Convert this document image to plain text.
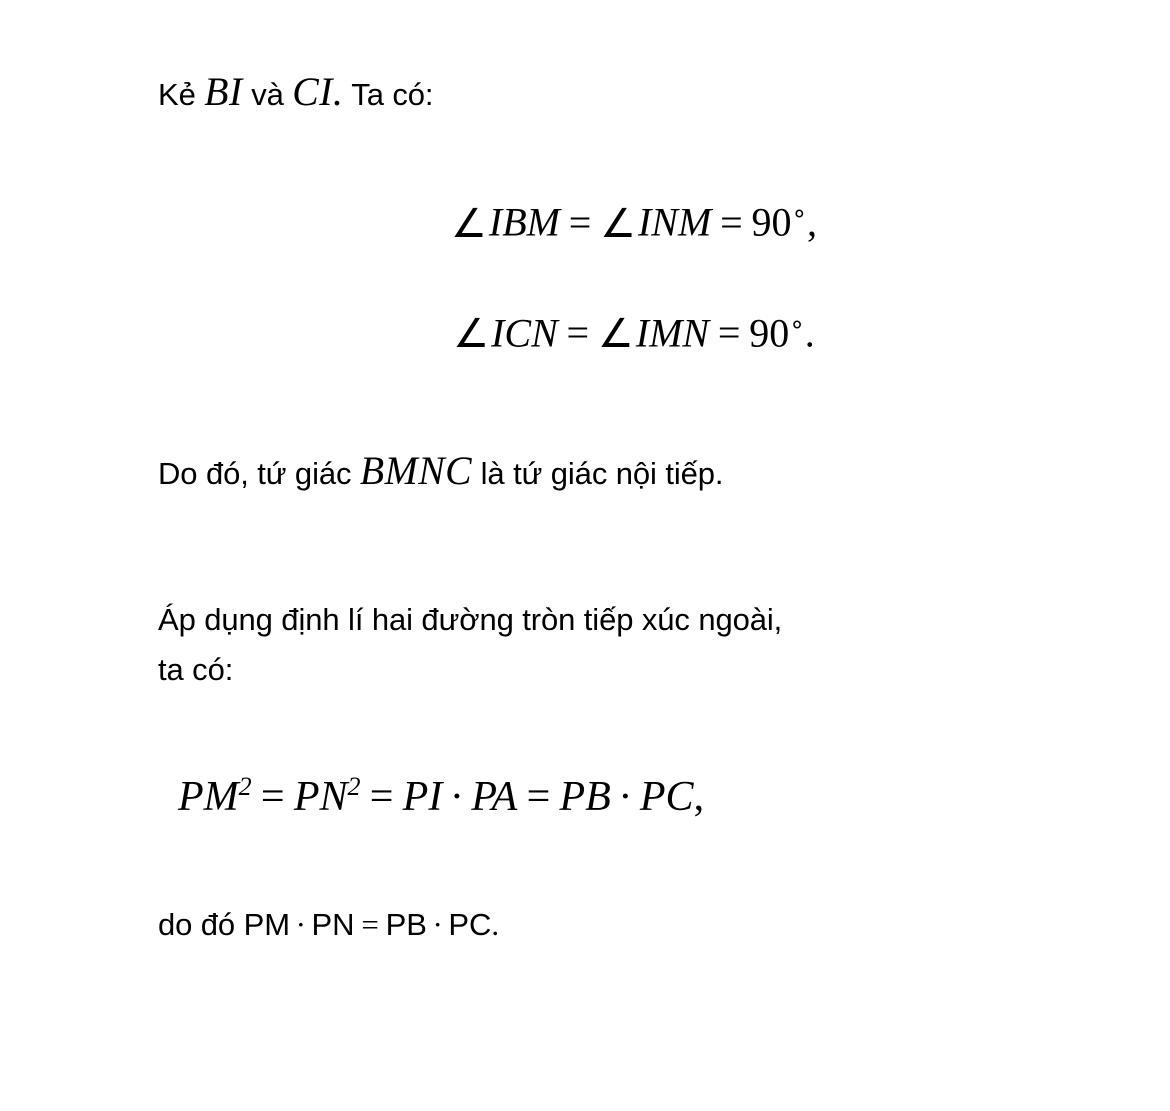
Kẻ BI và CI. Ta có:

∠IBM = ∠INM = 90∘,
∠ICN = ∠IMN = 90∘.

Do đó, tứ giác BMNC là tứ giác nội tiếp.

Áp dụng định lí hai đường tròn tiếp xúc ngoài,
ta có:

$PM^2 = PN^2$ = PI · PA = PB · PC,

do đó PM · PN = PB · PC.
